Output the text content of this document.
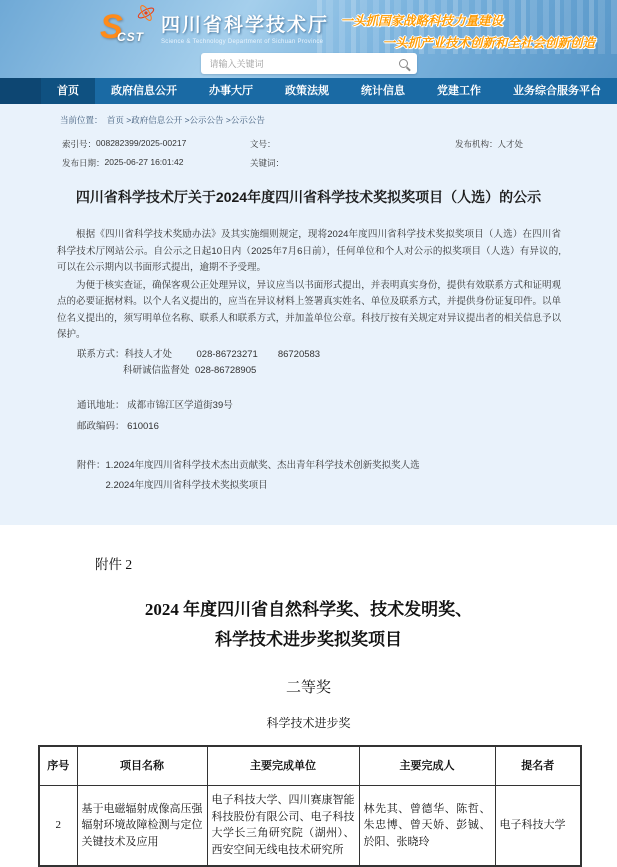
S
CST
四川省科学技术厅
Science & Technology Department of Sichuan Province
一头抓国家战略科技力量建设
一头抓产业技术创新和全社会创新创造
请输入关键词
首页	政府信息公开	办事大厅	政策法规	统计信息	党建工作	业务综合服务平台
当前位置： 首页 >政府信息公开 >公示公告 >公示公告
索引号： 008282399/2025-00217	文号：	发布机构： 人才处
发布日期： 2025-06-27 16:01:42	关键词：
四川省科学技术厅关于2024年度四川省科学技术奖拟奖项目（人选）的公示

根据《四川省科学技术奖励办法》及其实施细则规定，现将2024年度四川省科学技术奖拟奖项目（人选）在四川省科学技术厅网站公示。自公示之日起10日内（2025年7月6日前），任何单位和个人对公示的拟奖项目（人选）有异议的,可以在公示期内以书面形式提出，逾期不予受理。

为便于核实查证，确保客观公正处理异议，异议应当以书面形式提出，并表明真实身份，提供有效联系方式和证明观点的必要证据材料。以个人名义提出的，应当在异议材料上签署真实姓名、单位及联系方式，并提供身份证复印件。以单位名义提出的，须写明单位名称、联系人和联系方式，并加盖单位公章。科技厅按有关规定对异议提出者的相关信息予以保护。

联系方式： 科技人才处	028-86723271 86720583
科研诚信监督处 028-86728905
通讯地址： 成都市锦江区学道街39号
邮政编码： 610016
附件： 1.2024年度四川省科学技术杰出贡献奖、杰出青年科学技术创新奖拟奖人选
2.2024年度四川省科学技术奖拟奖项目
附件 2
2024 年度四川省自然科学奖、技术发明奖、
科学技术进步奖拟奖项目
二等奖
科学技术进步奖
序号	项目名称	主要完成单位	主要完成人	提名者
2	基于电磁辐射成像高压强辐射环境故障检测与定位关键技术及应用	电子科技大学、四川赛康智能科技股份有限公司、电子科技大学长三角研究院（湖州）、西安空间无线电技术研究所	林先其、曾德华、陈哲、朱忠博、曾天娇、彭铖、於阳、张晓玲	电子科技大学
